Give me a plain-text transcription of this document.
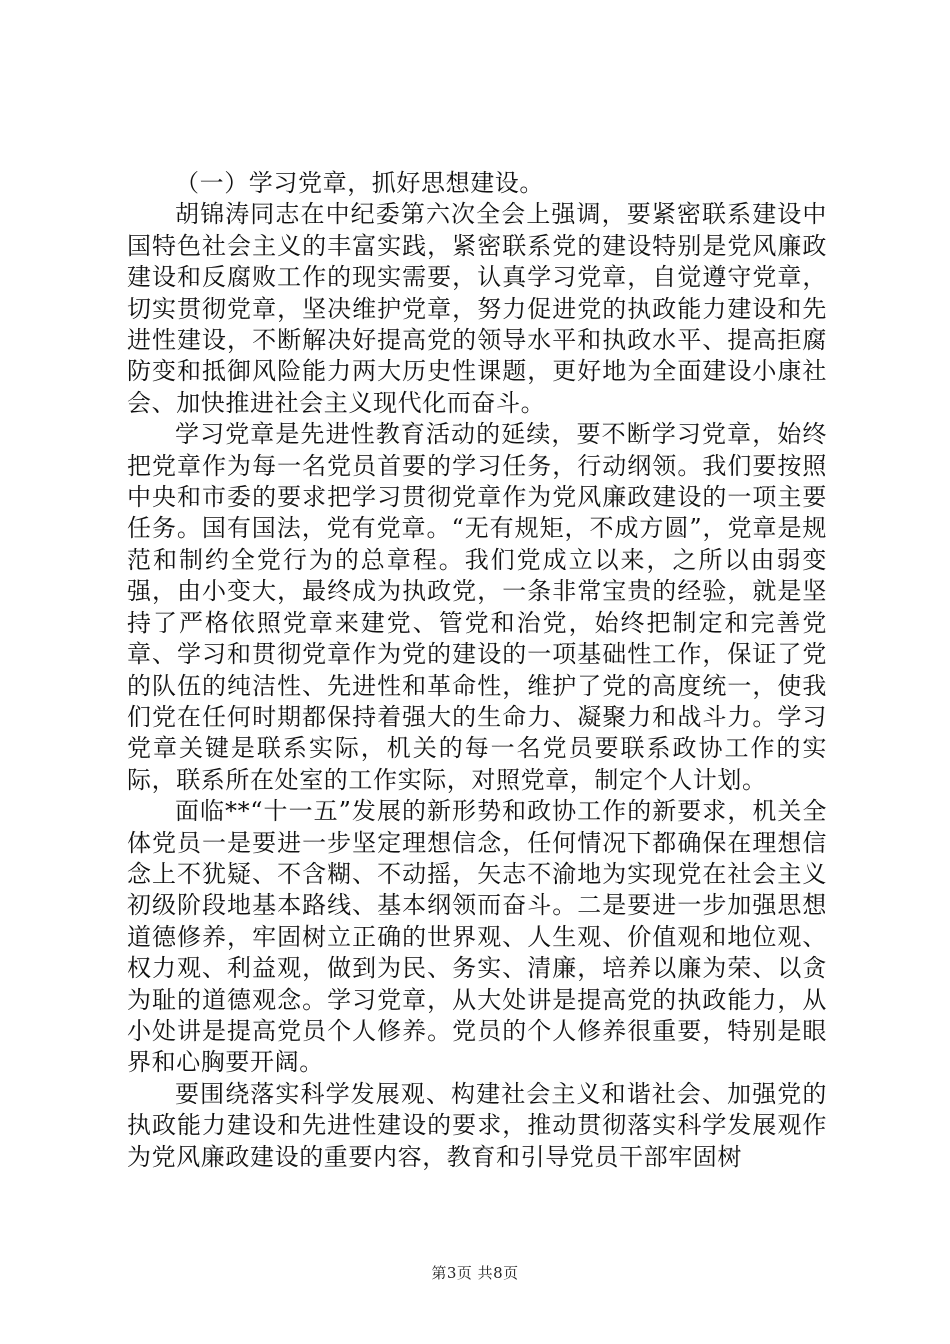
（一）学习党章，抓好思想建设。

胡锦涛同志在中纪委第六次全会上强调，要紧密联系建设中国特色社会主义的丰富实践，紧密联系党的建设特别是党风廉政建设和反腐败工作的现实需要，认真学习党章，自觉遵守党章，切实贯彻党章，坚决维护党章，努力促进党的执政能力建设和先进性建设，不断解决好提高党的领导水平和执政水平、提高拒腐防变和抵御风险能力两大历史性课题，更好地为全面建设小康社会、加快推进社会主义现代化而奋斗。

学习党章是先进性教育活动的延续，要不断学习党章，始终把党章作为每一名党员首要的学习任务，行动纲领。我们要按照中央和市委的要求把学习贯彻党章作为党风廉政建设的一项主要任务。国有国法，党有党章。“无有规矩，不成方圆”，党章是规范和制约全党行为的总章程。我们党成立以来，之所以由弱变强，由小变大，最终成为执政党，一条非常宝贵的经验，就是坚持了严格依照党章来建党、管党和治党，始终把制定和完善党章、学习和贯彻党章作为党的建设的一项基础性工作，保证了党的队伍的纯洁性、先进性和革命性，维护了党的高度统一，使我们党在任何时期都保持着强大的生命力、凝聚力和战斗力。学习党章关键是联系实际，机关的每一名党员要联系政协工作的实际，联系所在处室的工作实际，对照党章，制定个人计划。

面临**“十一五”发展的新形势和政协工作的新要求，机关全体党员一是要进一步坚定理想信念，任何情况下都确保在理想信念上不犹疑、不含糊、不动摇，矢志不渝地为实现党在社会主义初级阶段地基本路线、基本纲领而奋斗。二是要进一步加强思想道德修养，牢固树立正确的世界观、人生观、价值观和地位观、权力观、利益观，做到为民、务实、清廉，培养以廉为荣、以贪为耻的道德观念。学习党章，从大处讲是提高党的执政能力，从小处讲是提高党员个人修养。党员的个人修养很重要，特别是眼界和心胸要开阔。

要围绕落实科学发展观、构建社会主义和谐社会、加强党的执政能力建设和先进性建设的要求，推动贯彻落实科学发展观作为党风廉政建设的重要内容，教育和引导党员干部牢固树

第3页 共8页
